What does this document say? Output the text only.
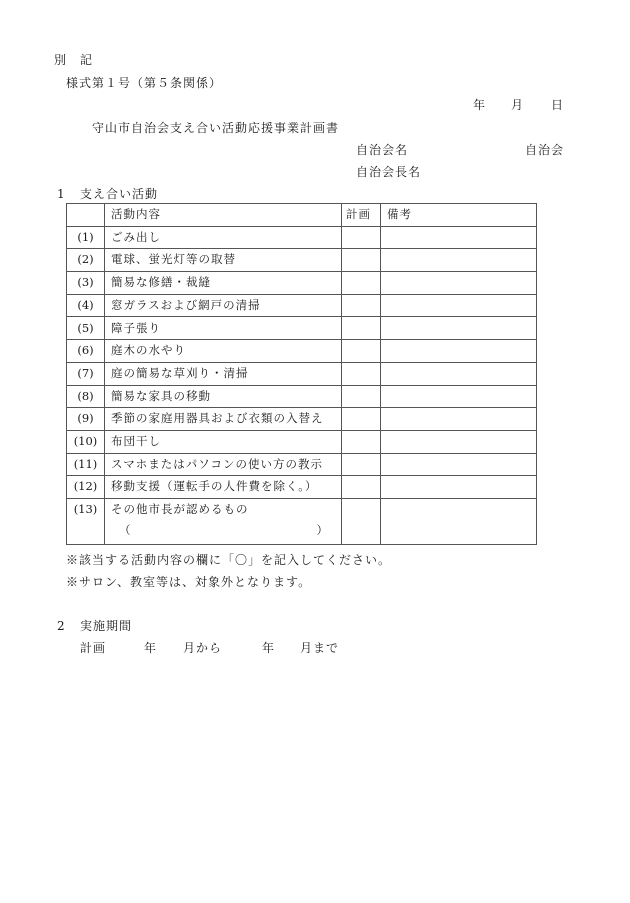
別　記
様式第１号（第５条関係）
年 月 日
守山市自治会支え合い活動応援事業計画書
自治会名	自治会
自治会長名
1 支え合い活動
	活動内容	計画	備考
(1)	ごみ出し		
(2)	電球、蛍光灯等の取替		
(3)	簡易な修繕・裁縫		
(4)	窓ガラスおよび網戸の清掃		
(5)	障子張り		
(6)	庭木の水やり		
(7)	庭の簡易な草刈り・清掃		
(8)	簡易な家具の移動		
(9)	季節の家庭用器具および衣類の入替え		
(10)	布団干し		
(11)	スマホまたはパソコンの使い方の教示		
(12)	移動支援（運転手の人件費を除く。）		

(13)	その他市長が認めるもの
（ ）		

※該当する活動内容の欄に「〇」を記入してください。
※サロン、教室等は、対象外となります。
2 実施期間
計画	年 月から	年 月まで
